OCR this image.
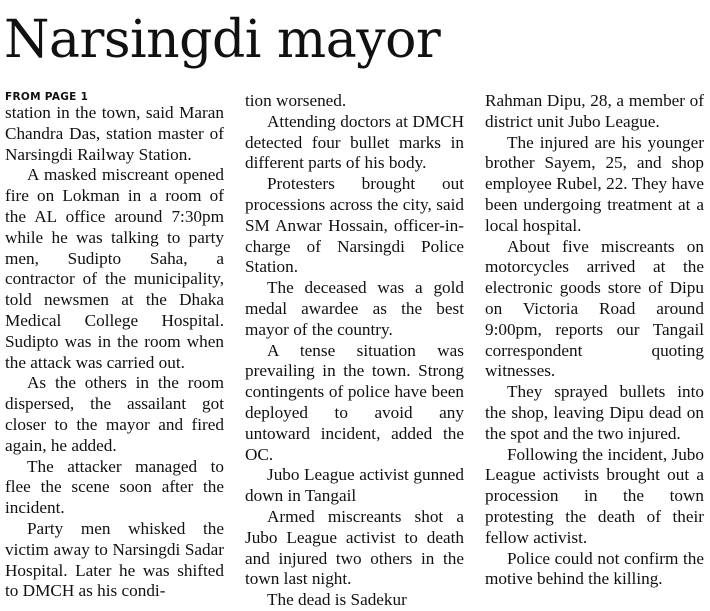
Narsingdi mayor
FROM PAGE 1

station in the town, said Maran Chandra Das, station master of Narsingdi Railway Station.

A masked miscreant opened fire on Lokman in a room of the AL office around 7:30pm while he was talking to party men, Sudipto Saha, a contractor of the municipality, told newsmen at the Dhaka Medical College Hospital. Sudipto was in the room when the attack was carried out.

As the others in the room dispersed, the assailant got closer to the mayor and fired again, he added.

The attacker managed to flee the scene soon after the incident.

Party men whisked the victim away to Narsingdi Sadar Hospital. Later he was shifted to DMCH as his condi-

tion worsened.

Attending doctors at DMCH detected four bullet marks in different parts of his body.

Protesters brought out processions across the city, said SM Anwar Hossain, officer-in-charge of Narsingdi Police Station.

The deceased was a gold medal awardee as the best mayor of the country.

A tense situation was prevailing in the town. Strong contingents of police have been deployed to avoid any untoward incident, added the OC.

Jubo League activist gunned down in Tangail

Armed miscreants shot a Jubo League activist to death and injured two others in the town last night.

The dead is Sadekur

Rahman Dipu, 28, a member of district unit Jubo League.

The injured are his younger brother Sayem, 25, and shop employee Rubel, 22. They have been undergoing treatment at a local hospital.

About five miscreants on motorcycles arrived at the electronic goods store of Dipu on Victoria Road around 9:00pm, reports our Tangail correspondent quoting witnesses.

They sprayed bullets into the shop, leaving Dipu dead on the spot and the two injured.

Following the incident, Jubo League activists brought out a procession in the town protesting the death of their fellow activist.

Police could not confirm the motive behind the killing.
